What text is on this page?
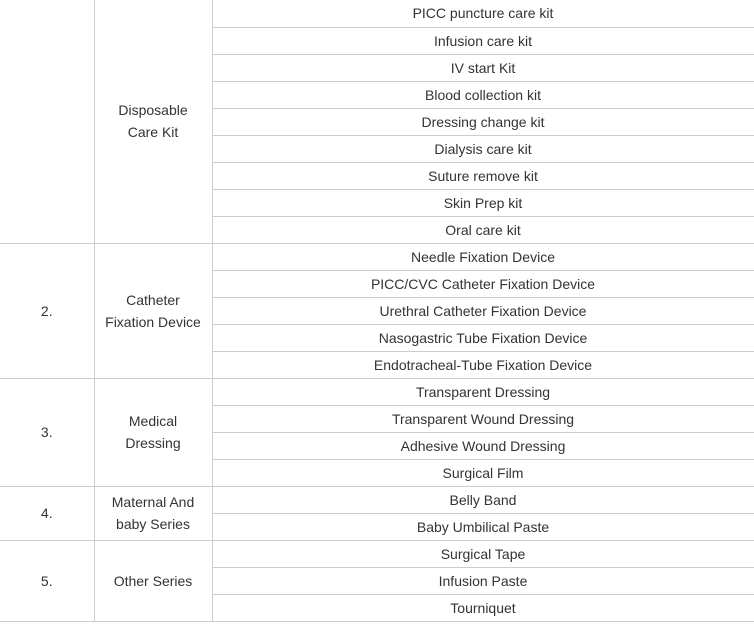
	Disposable Care Kit	PICC puncture care kit
		Infusion care kit
		IV start Kit
		Blood collection kit
		Dressing change kit
		Dialysis care kit
		Suture remove kit
		Skin Prep kit
		Oral care kit
2.	Catheter Fixation Device	Needle Fixation Device
		PICC/CVC Catheter Fixation Device
		Urethral Catheter Fixation Device
		Nasogastric Tube Fixation Device
		Endotracheal-Tube Fixation Device
3.	Medical Dressing	Transparent Dressing
		Transparent Wound Dressing
		Adhesive Wound Dressing
		Surgical Film
4.	Maternal And baby Series	Belly Band
		Baby Umbilical Paste
5.	Other Series	Surgical Tape
		Infusion Paste
		Tourniquet
